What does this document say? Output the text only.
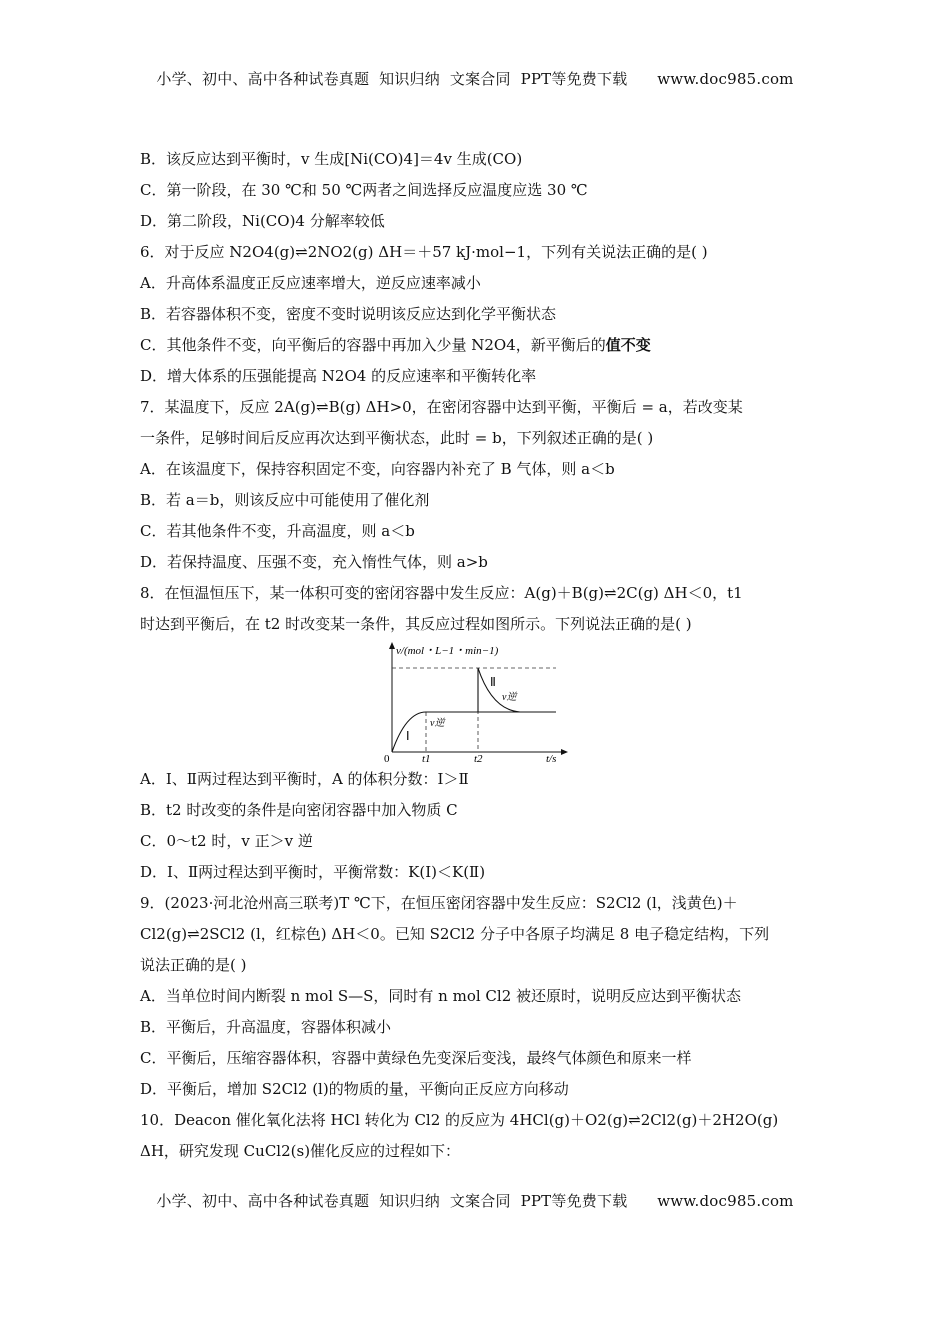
小学、初中、高中各种试卷真题  知识归纳  文案合同  PPT等免费下载      www.doc985.com
B．该反应达到平衡时，v 生成[Ni(CO)4]＝4v 生成(CO)
C．第一阶段，在 30 ℃和 50 ℃两者之间选择反应温度应选 30 ℃
D．第二阶段，Ni(CO)4 分解率较低
6．对于反应 N2O4(g)⇌2NO2(g) ΔH＝＋57 kJ·mol−1，下列有关说法正确的是( )
A．升高体系温度正反应速率增大，逆反应速率减小
B．若容器体积不变，密度不变时说明该反应达到化学平衡状态
C．其他条件不变，向平衡后的容器中再加入少量 N2O4，新平衡后的值不变
D．增大体系的压强能提高 N2O4 的反应速率和平衡转化率
7．某温度下，反应 2A(g)⇌B(g) ΔH>0，在密闭容器中达到平衡，平衡后 = a，若改变某
一条件，足够时间后反应再次达到平衡状态，此时 = b，下列叙述正确的是( )
A．在该温度下，保持容积固定不变，向容器内补充了 B 气体，则 a＜b
B．若 a＝b，则该反应中可能使用了催化剂
C．若其他条件不变，升高温度，则 a＜b
D．若保持温度、压强不变，充入惰性气体，则 a>b
8．在恒温恒压下，某一体积可变的密闭容器中发生反应：A(g)＋B(g)⇌2C(g) ΔH＜0，t1
时达到平衡后，在 t2 时改变某一条件，其反应过程如图所示。下列说法正确的是( )
v/(mol・L−1・min−1)
t/s
0	t1	t2
Ⅰ
Ⅱ
v逆
v逆
A．Ⅰ、Ⅱ两过程达到平衡时，A 的体积分数：Ⅰ＞Ⅱ
B．t2 时改变的条件是向密闭容器中加入物质 C
C．0～t2 时，v 正＞v 逆
D．Ⅰ、Ⅱ两过程达到平衡时，平衡常数：K(Ⅰ)＜K(Ⅱ)
9．(2023·河北沧州高三联考)T ℃下，在恒压密闭容器中发生反应：S2Cl2 (l，浅黄色)＋
Cl2(g)⇌2SCl2 (l，红棕色) ΔH＜0。已知 S2Cl2 分子中各原子均满足 8 电子稳定结构，下列
说法正确的是( )
A．当单位时间内断裂 n mol S—S，同时有 n mol Cl2 被还原时，说明反应达到平衡状态
B．平衡后，升高温度，容器体积减小
C．平衡后，压缩容器体积，容器中黄绿色先变深后变浅，最终气体颜色和原来一样
D．平衡后，增加 S2Cl2 (l)的物质的量，平衡向正反应方向移动
10．Deacon 催化氧化法将 HCl 转化为 Cl2 的反应为 4HCl(g)＋O2(g)⇌2Cl2(g)＋2H2O(g)
ΔH，研究发现 CuCl2(s)催化反应的过程如下：
小学、初中、高中各种试卷真题  知识归纳  文案合同  PPT等免费下载      www.doc985.com
